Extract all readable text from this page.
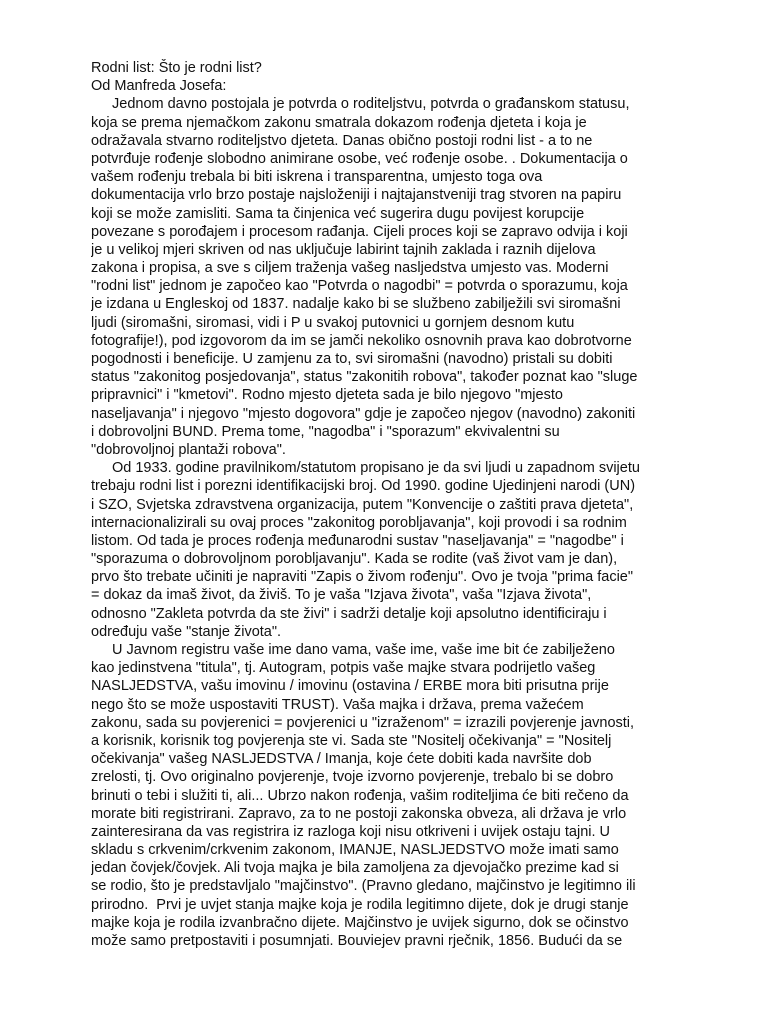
Rodni list: Što je rodni list?
Od Manfreda Josefa:
Jednom davno postojala je potvrda o roditeljstvu, potvrda o građanskom statusu,
koja se prema njemačkom zakonu smatrala dokazom rođenja djeteta i koja je
odražavala stvarno roditeljstvo djeteta. Danas obično postoji rodni list - a to ne
potvrđuje rođenje slobodno animirane osobe, već rođenje osobe. . Dokumentacija o
vašem rođenju trebala bi biti iskrena i transparentna, umjesto toga ova
dokumentacija vrlo brzo postaje najsloženiji i najtajanstveniji trag stvoren na papiru
koji se može zamisliti. Sama ta činjenica već sugerira dugu povijest korupcije
povezane s porođajem i procesom rađanja. Cijeli proces koji se zapravo odvija i koji
je u velikoj mjeri skriven od nas uključuje labirint tajnih zaklada i raznih dijelova
zakona i propisa, a sve s ciljem traženja vašeg nasljedstva umjesto vas. Moderni
"rodni list" jednom je započeo kao "Potvrda o nagodbi" = potvrda o sporazumu, koja
je izdana u Engleskoj od 1837. nadalje kako bi se službeno zabilježili svi siromašni
ljudi (siromašni, siromasi, vidi i P u svakoj putovnici u gornjem desnom kutu
fotografije!), pod izgovorom da im se jamči nekoliko osnovnih prava kao dobrotvorne
pogodnosti i beneficije. U zamjenu za to, svi siromašni (navodno) pristali su dobiti
status "zakonitog posjedovanja", status "zakonitih robova", također poznat kao "sluge
pripravnici" i "kmetovi". Rodno mjesto djeteta sada je bilo njegovo "mjesto
naseljavanja" i njegovo "mjesto dogovora" gdje je započeo njegov (navodno) zakoniti
i dobrovoljni BUND. Prema tome, "nagodba" i "sporazum" ekvivalentni su
"dobrovoljnoj plantaži robova".
Od 1933. godine pravilnikom/statutom propisano je da svi ljudi u zapadnom svijetu
trebaju rodni list i porezni identifikacijski broj. Od 1990. godine Ujedinjeni narodi (UN)
i SZO, Svjetska zdravstvena organizacija, putem "Konvencije o zaštiti prava djeteta",
internacionalizirali su ovaj proces "zakonitog porobljavanja", koji provodi i sa rodnim
listom. Od tada je proces rođenja međunarodni sustav "naseljavanja" = "nagodbe" i
"sporazuma o dobrovoljnom porobljavanju". Kada se rodite (vaš život vam je dan),
prvo što trebate učiniti je napraviti "Zapis o živom rođenju". Ovo je tvoja "prima facie"
= dokaz da imaš život, da živiš. To je vaša "Izjava života", vaša "Izjava života",
odnosno "Zakleta potvrda da ste živi" i sadrži detalje koji apsolutno identificiraju i
određuju vaše "stanje života".
U Javnom registru vaše ime dano vama, vaše ime, vaše ime bit će zabilježeno
kao jedinstvena "titula", tj. Autogram, potpis vaše majke stvara podrijetlo vašeg
NASLJEDSTVA, vašu imovinu / imovinu (ostavina / ERBE mora biti prisutna prije
nego što se može uspostaviti TRUST). Vaša majka i država, prema važećem
zakonu, sada su povjerenici = povjerenici u "izraženom" = izrazili povjerenje javnosti,
a korisnik, korisnik tog povjerenja ste vi. Sada ste "Nositelj očekivanja" = "Nositelj
očekivanja" vašeg NASLJEDSTVA / Imanja, koje ćete dobiti kada navršite dob
zrelosti, tj. Ovo originalno povjerenje, tvoje izvorno povjerenje, trebalo bi se dobro
brinuti o tebi i služiti ti, ali... Ubrzo nakon rođenja, vašim roditeljima će biti rečeno da
morate biti registrirani. Zapravo, za to ne postoji zakonska obveza, ali država je vrlo
zainteresirana da vas registrira iz razloga koji nisu otkriveni i uvijek ostaju tajni. U
skladu s crkvenim/crkvenim zakonom, IMANJE, NASLJEDSTVO može imati samo
jedan čovjek/čovjek. Ali tvoja majka je bila zamoljena za djevojačko prezime kad si
se rodio, što je predstavljalo "majčinstvo". (Pravno gledano, majčinstvo je legitimno ili
prirodno.  Prvi je uvjet stanja majke koja je rodila legitimno dijete, dok je drugi stanje
majke koja je rodila izvanbračno dijete. Majčinstvo je uvijek sigurno, dok se očinstvo
može samo pretpostaviti i posumnjati. Bouviejev pravni rječnik, 1856. Budući da se
